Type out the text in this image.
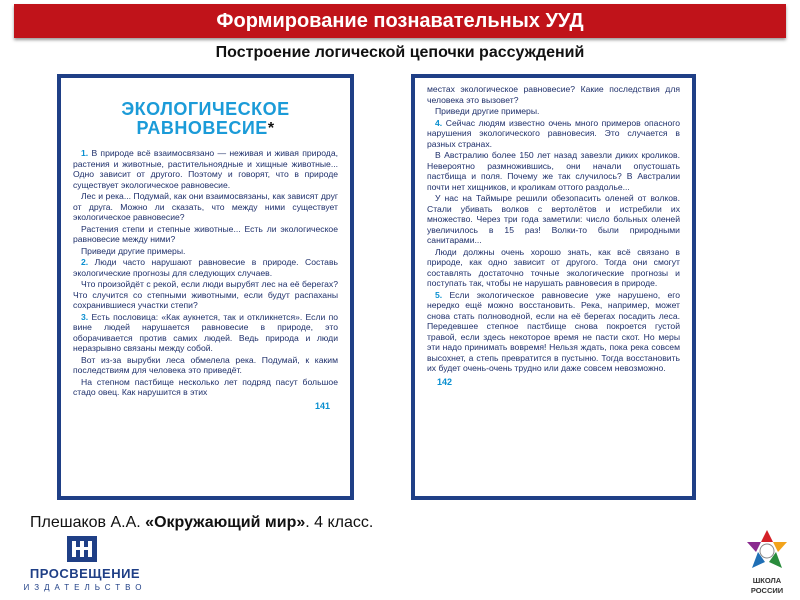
Формирование познавательных УУД
Построение логической цепочки рассуждений
ЭКОЛОГИЧЕСКОЕ
РАВНОВЕСИЕ*

1. В природе всё взаимосвязано — неживая и живая природа, растения и животные, растительноядные и хищные животные... Одно зависит от другого. Поэтому и говорят, что в природе существует экологическое равновесие.

Лес и река... Подумай, как они взаимосвязаны, как зависят друг от друга. Можно ли сказать, что между ними существует экологическое равновесие?

Растения степи и степные животные... Есть ли экологическое равновесие между ними?

Приведи другие примеры.

2. Люди часто нарушают равновесие в природе. Составь экологические прогнозы для следующих случаев.

Что произойдёт с рекой, если люди вырубят лес на её берегах? Что случится со степными животными, если будут распаханы сохранившиеся участки степи?

3. Есть пословица: «Как аукнется, так и откликнется». Если по вине людей нарушается равновесие в природе, это оборачивается против самих людей. Ведь природа и люди неразрывно связаны между собой.

Вот из-за вырубки леса обмелела река. Подумай, к каким последствиям для человека это приведёт.

На степном пастбище несколько лет подряд пасут большое стадо овец. Как нарушится в этих

141

местах экологическое равновесие? Какие последствия для человека это вызовет?

Приведи другие примеры.

4. Сейчас людям известно очень много примеров опасного нарушения экологического равновесия. Это случается в разных странах.

В Австралию более 150 лет назад завезли диких кроликов. Невероятно размножившись, они начали опустошать пастбища и поля. Почему же так случилось? В Австралии почти нет хищников, и кроликам оттого раздолье...

У нас на Таймыре решили обезопасить оленей от волков. Стали убивать волков с вертолётов и истребили их множество. Через три года заметили: число больных оленей увеличилось в 15 раз! Волки-то были природными санитарами...

Люди должны очень хорошо знать, как всё связано в природе, как одно зависит от другого. Тогда они смогут составлять достаточно точные экологические прогнозы и поступать так, чтобы не нарушать равновесия в природе.

5. Если экологическое равновесие уже нарушено, его нередко ещё можно восстановить. Река, например, может снова стать полноводной, если на её берегах посадить леса. Передевшее степное пастбище снова покроется густой травой, если здесь некоторое время не пасти скот. Но меры эти надо принимать вовремя! Нельзя ждать, пока река совсем высохнет, а степь превратится в пустыню. Тогда восстановить их будет очень-очень трудно или даже совсем невозможно.

142
Плешаков А.А. «Окружающий мир». 4 класс.
ПРОСВЕЩЕНИЕ
ИЗДАТЕЛЬСТВО
ШКОЛА
РОССИИ
